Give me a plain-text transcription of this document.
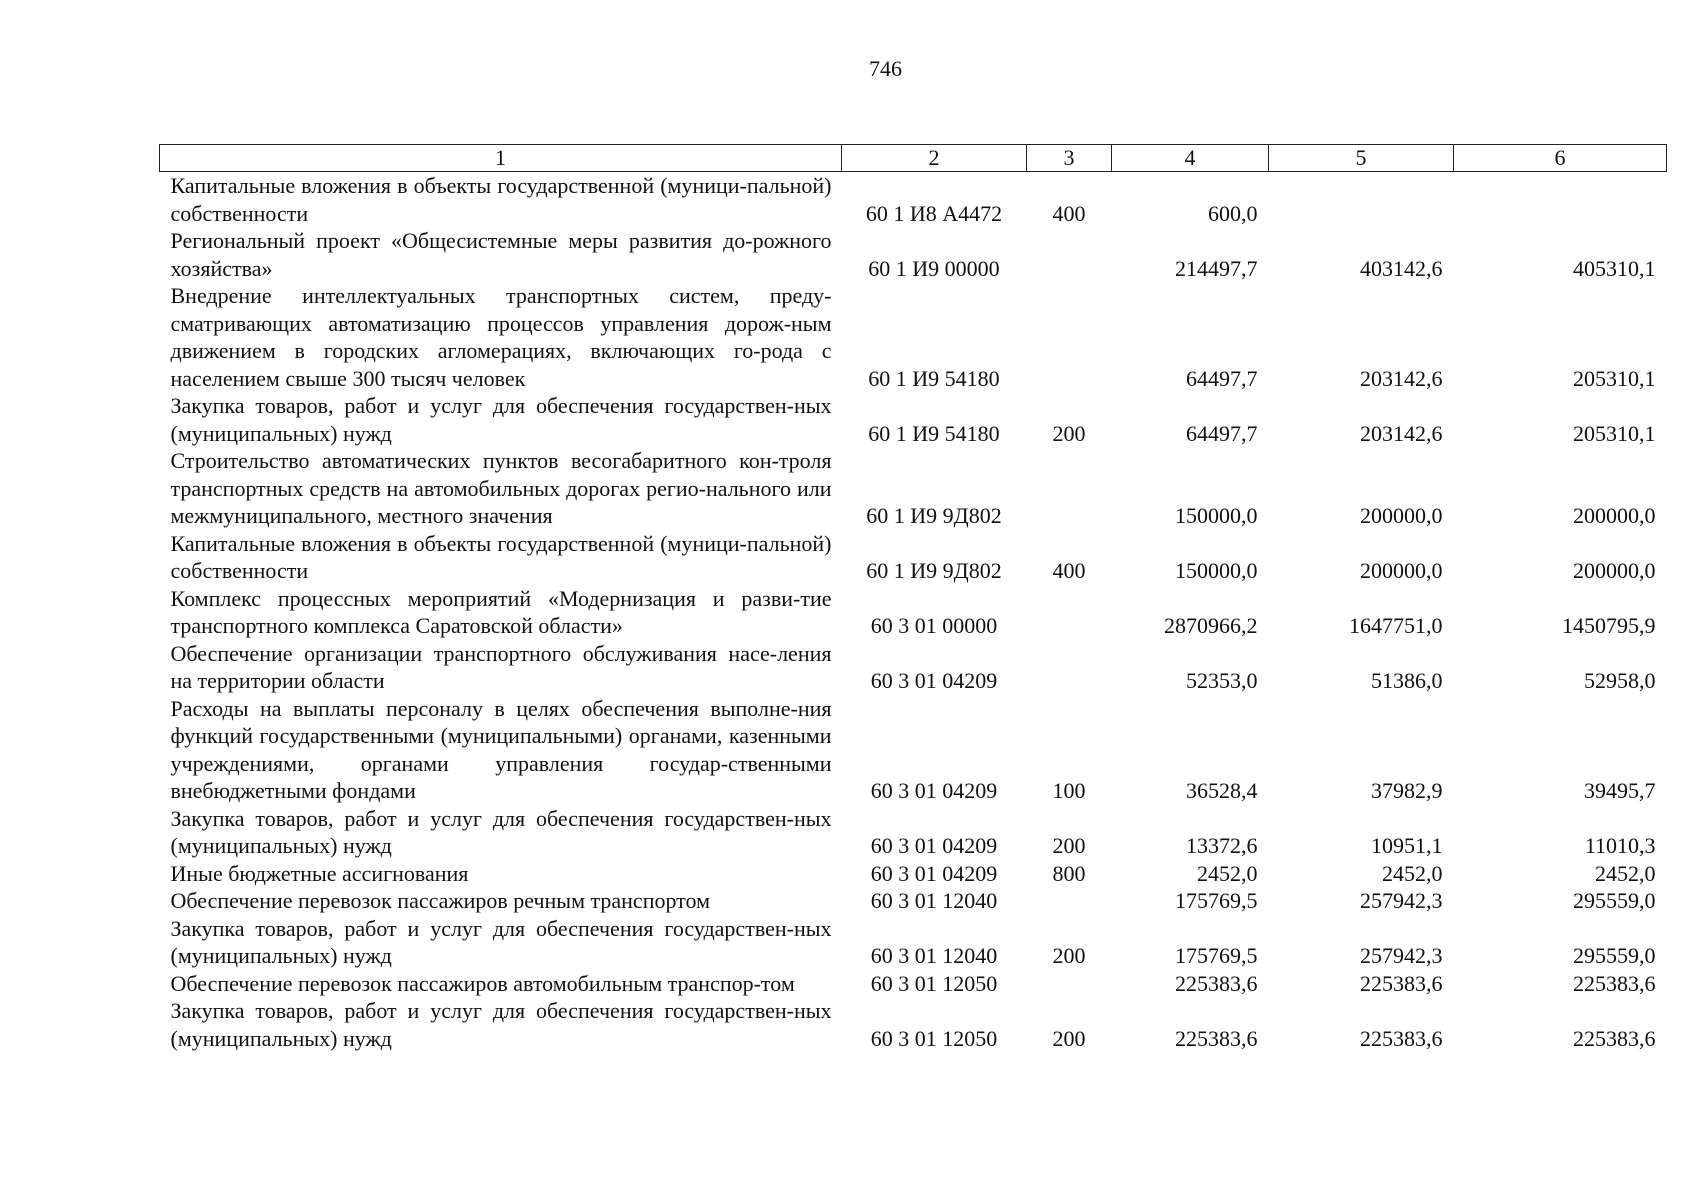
746
1	2	3	4	5	6
Капитальные вложения в объекты государственной (муници-пальной) собственности	60 1 И8 А4472	400	600,0		
Региональный проект «Общесистемные меры развития до-рожного хозяйства»	60 1 И9 00000		214497,7	403142,6	405310,1
Внедрение интеллектуальных транспортных систем, преду-сматривающих автоматизацию процессов управления дорож-ным движением в городских агломерациях, включающих го-рода с населением свыше 300 тысяч человек	60 1 И9 54180		64497,7	203142,6	205310,1
Закупка товаров, работ и услуг для обеспечения государствен-ных (муниципальных) нужд	60 1 И9 54180	200	64497,7	203142,6	205310,1
Строительство автоматических пунктов весогабаритного кон-троля транспортных средств на автомобильных дорогах регио-нального или межмуниципального, местного значения	60 1 И9 9Д802		150000,0	200000,0	200000,0
Капитальные вложения в объекты государственной (муници-пальной) собственности	60 1 И9 9Д802	400	150000,0	200000,0	200000,0
Комплекс процессных мероприятий «Модернизация и разви-тие транспортного комплекса Саратовской области»	60 3 01 00000		2870966,2	1647751,0	1450795,9
Обеспечение организации транспортного обслуживания насе-ления на территории области	60 3 01 04209		52353,0	51386,0	52958,0
Расходы на выплаты персоналу в целях обеспечения выполне-ния функций государственными (муниципальными) органами, казенными учреждениями, органами управления государ-ственными внебюджетными фондами	60 3 01 04209	100	36528,4	37982,9	39495,7
Закупка товаров, работ и услуг для обеспечения государствен-ных (муниципальных) нужд	60 3 01 04209	200	13372,6	10951,1	11010,3
Иные бюджетные ассигнования	60 3 01 04209	800	2452,0	2452,0	2452,0
Обеспечение перевозок пассажиров речным транспортом	60 3 01 12040		175769,5	257942,3	295559,0
Закупка товаров, работ и услуг для обеспечения государствен-ных (муниципальных) нужд	60 3 01 12040	200	175769,5	257942,3	295559,0
Обеспечение перевозок пассажиров автомобильным транспор-том	60 3 01 12050		225383,6	225383,6	225383,6
Закупка товаров, работ и услуг для обеспечения государствен-ных (муниципальных) нужд	60 3 01 12050	200	225383,6	225383,6	225383,6
